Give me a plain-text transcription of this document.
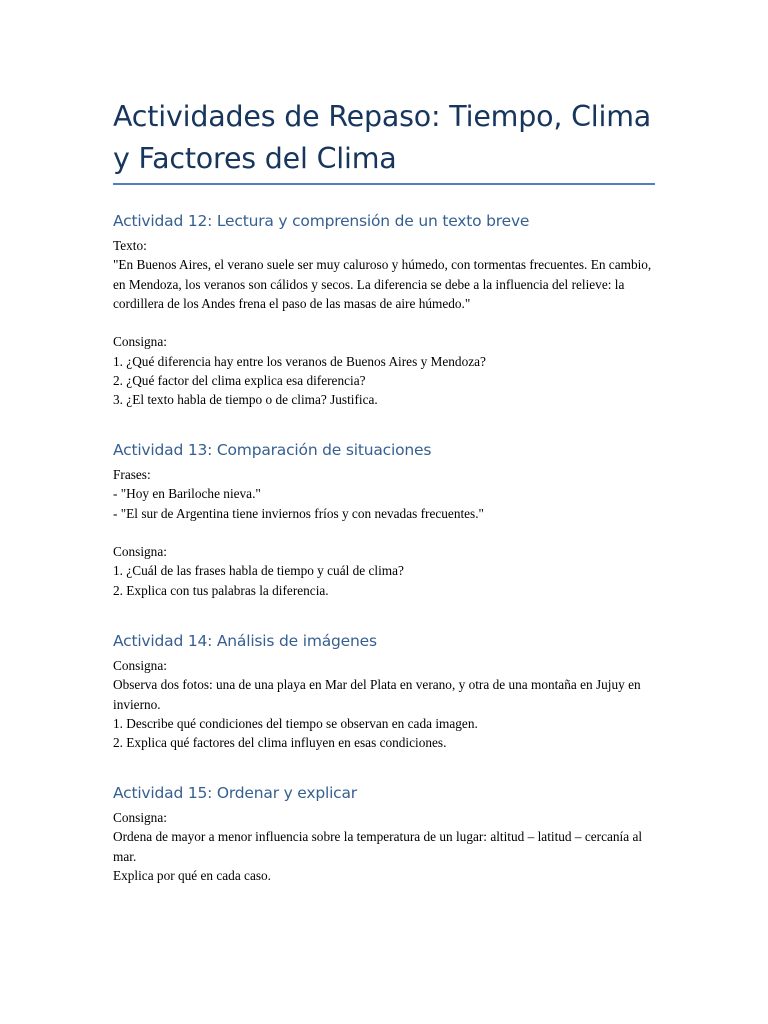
Actividades de Repaso: Tiempo, Clima y Factores del Clima
Actividad 12: Lectura y comprensión de un texto breve

Texto:

"En Buenos Aires, el verano suele ser muy caluroso y húmedo, con tormentas frecuentes. En cambio, en Mendoza, los veranos son cálidos y secos. La diferencia se debe a la influencia del relieve: la cordillera de los Andes frena el paso de las masas de aire húmedo."

Consigna:

1. ¿Qué diferencia hay entre los veranos de Buenos Aires y Mendoza?

2. ¿Qué factor del clima explica esa diferencia?

3. ¿El texto habla de tiempo o de clima? Justifica.

Actividad 13: Comparación de situaciones

Frases:

- "Hoy en Bariloche nieva."

- "El sur de Argentina tiene inviernos fríos y con nevadas frecuentes."

Consigna:

1. ¿Cuál de las frases habla de tiempo y cuál de clima?

2. Explica con tus palabras la diferencia.

Actividad 14: Análisis de imágenes

Consigna:

Observa dos fotos: una de una playa en Mar del Plata en verano, y otra de una montaña en Jujuy en invierno.

1. Describe qué condiciones del tiempo se observan en cada imagen.

2. Explica qué factores del clima influyen en esas condiciones.

Actividad 15: Ordenar y explicar

Consigna:

Ordena de mayor a menor influencia sobre la temperatura de un lugar: altitud – latitud – cercanía al mar.

Explica por qué en cada caso.
